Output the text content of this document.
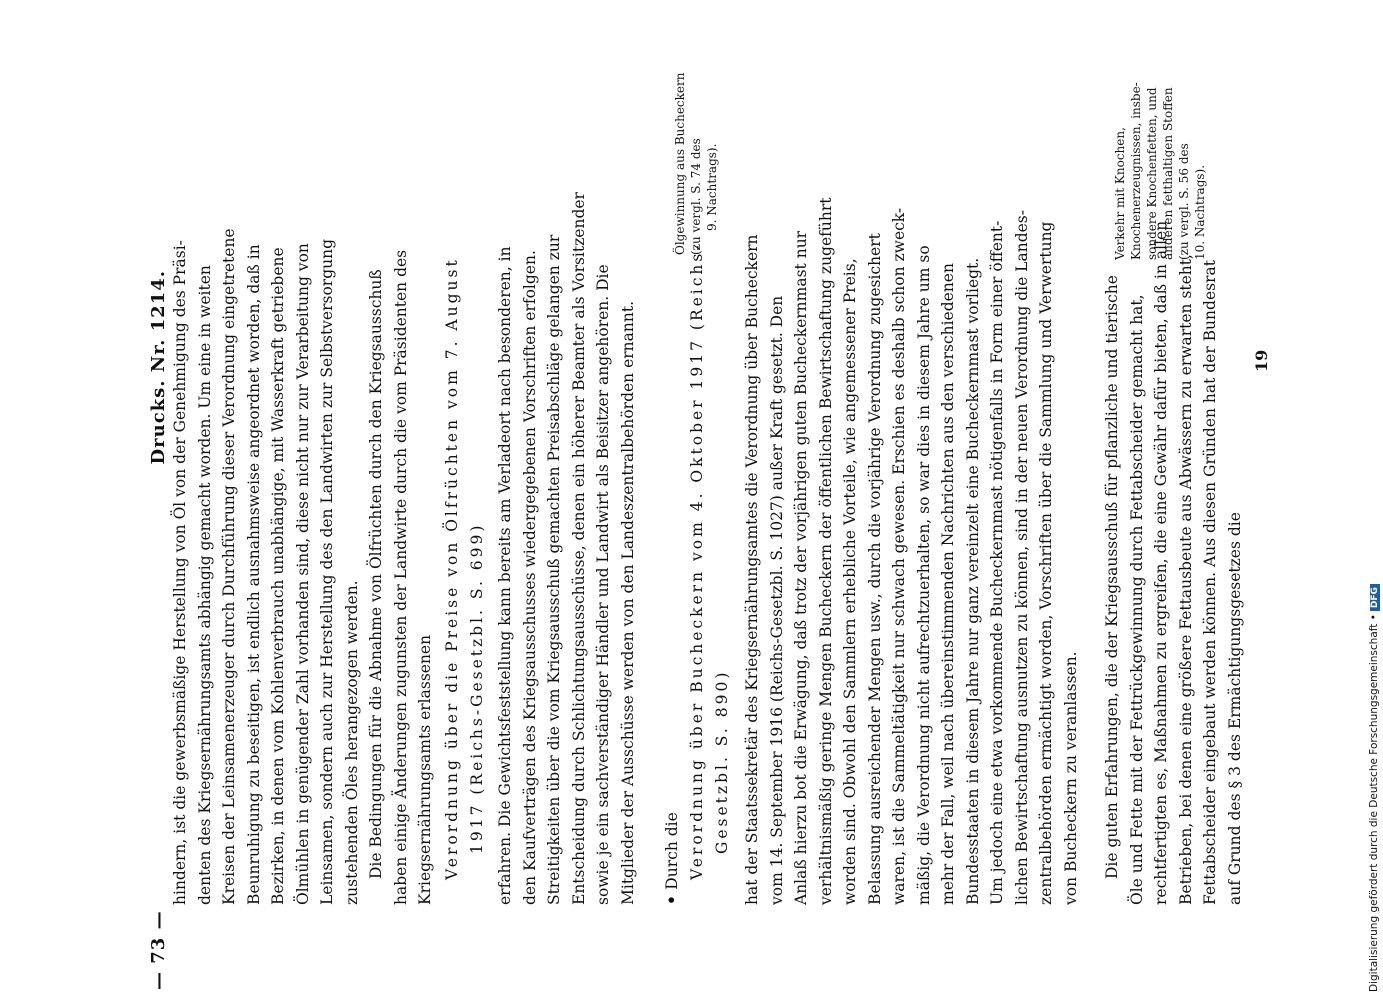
— 73 —
Drucks. Nr. 1214. hindern, ist die gewerbsmäßige Herstellung von Öl von der Genehmigung des Präsi- denten des Kriegsernährungsamts abhängig gemacht worden. Um eine in weiten Kreisen der Leinsamenerzeuger durch Durchführung dieser Verordnung eingetretene Beunruhigung zu beseitigen, ist endlich ausnahmsweise angeordnet worden, daß in Bezirken, in denen vom Kohlenverbrauch unabhängige, mit Wasserkraft getriebene Ölmühlen in genügender Zahl vorhanden sind, diese nicht nur zur Verarbeitung von Leinsamen, sondern auch zur Herstellung des den Landwirten zur Selbstversorgung zustehenden Öles herangezogen werden. Die Bedingungen für die Abnahme von Ölfrüchten durch den Kriegsausschuß haben einige Änderungen zugunsten der Landwirte durch die vom Präsidenten des Kriegsernährungsamts erlassenen Verordnung über die Preise von Ölfrüchten vom 7. August 1917 (Reichs-Gesetzbl. S. 699) erfahren. Die Gewichtsfeststellung kann bereits am Verladeort nach besonderen, in den Kaufverträgen des Kriegsausschusses wiedergegebenen Vorschriften erfolgen. Streitigkeiten über die vom Kriegsausschuß gemachten Preisabschläge gelangen zur Entscheidung durch Schlichtungsausschüsse, denen ein höherer Beamter als Vorsitzender sowie je ein sachverständiger Händler und Landwirt als Beisitzer angehören. Die Mitglieder der Ausschüsse werden von den Landeszentralbehörden ernannt. • Durch die Verordnung über Bucheckern vom 4. Oktober 1917 (Reichs- Gesetzbl. S. 890) hat der Staatssekretär des Kriegsernährungsamtes die Verordnung über Bucheckern vom 14. September 1916 (Reichs-Gesetzbl. S. 1027) außer Kraft gesetzt. Den Anlaß hierzu bot die Erwägung, daß trotz der vorjährigen guten Bucheckernmast nur verhältnismäßig geringe Mengen Bucheckern der öffentlichen Bewirtschaftung zugeführt worden sind. Obwohl den Sammlern erhebliche Vorteile, wie angemessener Preis, Belassung ausreichender Mengen usw., durch die vorjährige Verordnung zugesichert waren, ist die Sammeltätigkeit nur schwach gewesen. Erschien es deshalb schon zweck- mäßig, die Verordnung nicht aufrechtzuerhalten, so war dies in diesem Jahre um so mehr der Fall, weil nach übereinstimmenden Nachrichten aus den verschiedenen Bundesstaaten in diesem Jahre nur ganz vereinzelt eine Bucheckernmast vorliegt. Um jedoch eine etwa vorkommende Bucheckernmast nötigenfalls in Form einer öffent- lichen Bewirtschaftung ausnutzen zu können, sind in der neuen Verordnung die Landes- zentralbehörden ermächtigt worden, Vorschriften über die Sammlung und Verwertung von Bucheckern zu veranlassen. Die guten Erfahrungen, die der Kriegsausschuß für pflanzliche und tierische Öle und Fette mit der Fettrückgewinnung durch Fettabscheider gemacht hat, rechtfertigten es, Maßnahmen zu ergreifen, die eine Gewähr dafür bieten, daß in allen Betrieben, bei denen eine größere Fettausbeute aus Abwässern zu erwarten steht, Fettabscheider eingebaut werden können. Aus diesen Gründen hat der Bundesrat auf Grund des § 3 des Ermächtigungsgesetzes die

Ölgewinnung aus Bucheckern (zu vergl. S. 74 des 9. Nachtrags).	Verkehr mit Knochen, Knochenerzeugnissen, insbe- sondere Knochenfetten, und anderen fetthaltigen Stoffen (zu vergl. S. 56 des 10. Nachtrags).

19
Digitalisierung gefördert durch die Deutsche Forschungsgemeinschaft •DFG
